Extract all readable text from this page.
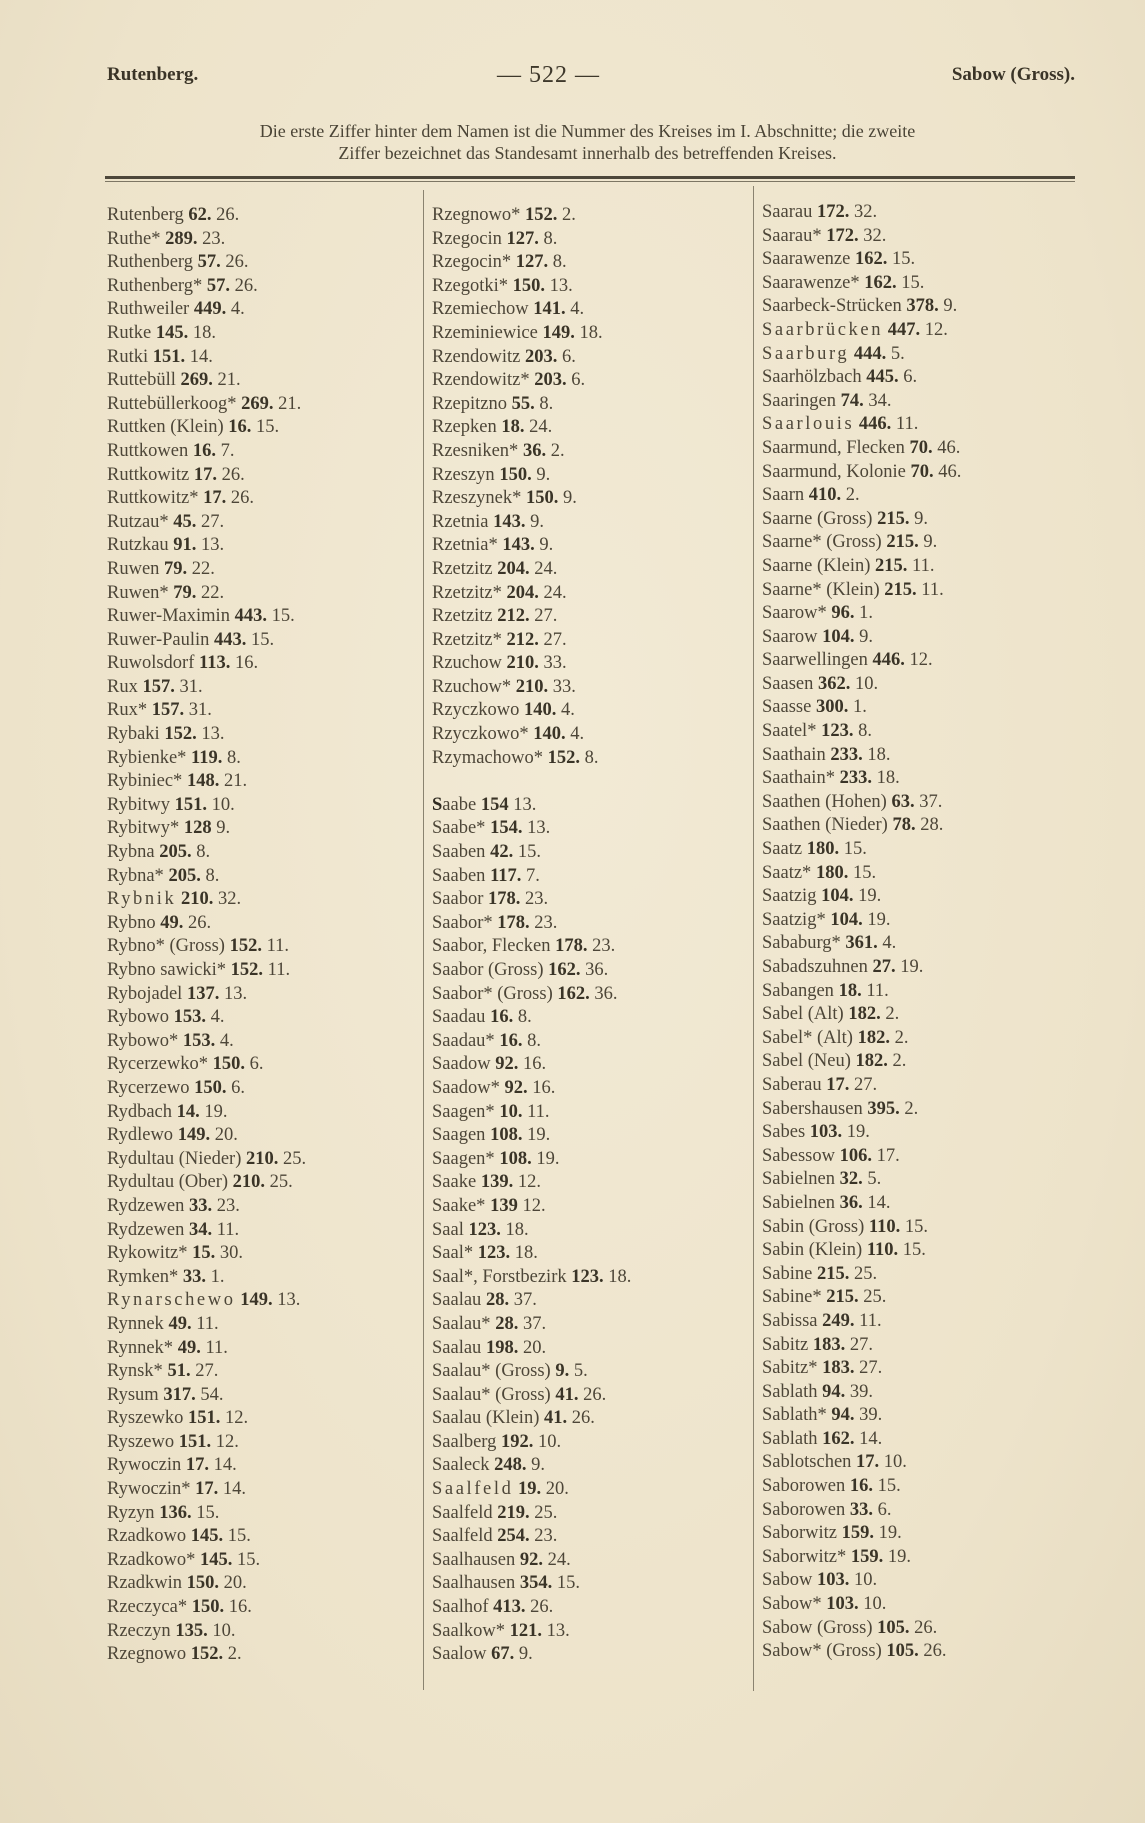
Rutenberg.	— 522 —	Sabow (Gross).
Die erste Ziffer hinter dem Namen ist die Nummer des Kreises im I. Abschnitte; die zweite
Ziffer bezeichnet das Standesamt innerhalb des betreffenden Kreises.
Rutenberg 62. 26.
Ruthe* 289. 23.
Ruthenberg 57. 26.
Ruthenberg* 57. 26.
Ruthweiler 449. 4.
Rutke 145. 18.
Rutki 151. 14.
Ruttebüll 269. 21.
Ruttebüllerkoog* 269. 21.
Ruttken (Klein) 16. 15.
Ruttkowen 16. 7.
Ruttkowitz 17. 26.
Ruttkowitz* 17. 26.
Rutzau* 45. 27.
Rutzkau 91. 13.
Ruwen 79. 22.
Ruwen* 79. 22.
Ruwer-Maximin 443. 15.
Ruwer-Paulin 443. 15.
Ruwolsdorf 113. 16.
Rux 157. 31.
Rux* 157. 31.
Rybaki 152. 13.
Rybienke* 119. 8.
Rybiniec* 148. 21.
Rybitwy 151. 10.
Rybitwy* 128 9.
Rybna 205. 8.
Rybna* 205. 8.
Rybnik 210. 32.
Rybno 49. 26.
Rybno* (Gross) 152. 11.
Rybno sawicki* 152. 11.
Rybojadel 137. 13.
Rybowo 153. 4.
Rybowo* 153. 4.
Rycerzewko* 150. 6.
Rycerzewo 150. 6.
Rydbach 14. 19.
Rydlewo 149. 20.
Rydultau (Nieder) 210. 25.
Rydultau (Ober) 210. 25.
Rydzewen 33. 23.
Rydzewen 34. 11.
Rykowitz* 15. 30.
Rymken* 33. 1.
Rynarschewo 149. 13.
Rynnek 49. 11.
Rynnek* 49. 11.
Rynsk* 51. 27.
Rysum 317. 54.
Ryszewko 151. 12.
Ryszewo 151. 12.
Rywoczin 17. 14.
Rywoczin* 17. 14.
Ryzyn 136. 15.
Rzadkowo 145. 15.
Rzadkowo* 145. 15.
Rzadkwin 150. 20.
Rzeczyca* 150. 16.
Rzeczyn 135. 10.
Rzegnowo 152. 2.
Rzegnowo* 152. 2.
Rzegocin 127. 8.
Rzegocin* 127. 8.
Rzegotki* 150. 13.
Rzemiechow 141. 4.
Rzeminiewice 149. 18.
Rzendowitz 203. 6.
Rzendowitz* 203. 6.
Rzepitzno 55. 8.
Rzepken 18. 24.
Rzesniken* 36. 2.
Rzeszyn 150. 9.
Rzeszynek* 150. 9.
Rzetnia 143. 9.
Rzetnia* 143. 9.
Rzetzitz 204. 24.
Rzetzitz* 204. 24.
Rzetzitz 212. 27.
Rzetzitz* 212. 27.
Rzuchow 210. 33.
Rzuchow* 210. 33.
Rzyczkowo 140. 4.
Rzyczkowo* 140. 4.
Rzymachowo* 152. 8.
Saabe 154 13.
Saabe* 154. 13.
Saaben 42. 15.
Saaben 117. 7.
Saabor 178. 23.
Saabor* 178. 23.
Saabor, Flecken 178. 23.
Saabor (Gross) 162. 36.
Saabor* (Gross) 162. 36.
Saadau 16. 8.
Saadau* 16. 8.
Saadow 92. 16.
Saadow* 92. 16.
Saagen* 10. 11.
Saagen 108. 19.
Saagen* 108. 19.
Saake 139. 12.
Saake* 139 12.
Saal 123. 18.
Saal* 123. 18.
Saal*, Forstbezirk 123. 18.
Saalau 28. 37.
Saalau* 28. 37.
Saalau 198. 20.
Saalau* (Gross) 9. 5.
Saalau* (Gross) 41. 26.
Saalau (Klein) 41. 26.
Saalberg 192. 10.
Saaleck 248. 9.
Saalfeld 19. 20.
Saalfeld 219. 25.
Saalfeld 254. 23.
Saalhausen 92. 24.
Saalhausen 354. 15.
Saalhof 413. 26.
Saalkow* 121. 13.
Saalow 67. 9.
Saarau 172. 32.
Saarau* 172. 32.
Saarawenze 162. 15.
Saarawenze* 162. 15.
Saarbeck-Strücken 378. 9.
Saarbrücken 447. 12.
Saarburg 444. 5.
Saarhölzbach 445. 6.
Saaringen 74. 34.
Saarlouis 446. 11.
Saarmund, Flecken 70. 46.
Saarmund, Kolonie 70. 46.
Saarn 410. 2.
Saarne (Gross) 215. 9.
Saarne* (Gross) 215. 9.
Saarne (Klein) 215. 11.
Saarne* (Klein) 215. 11.
Saarow* 96. 1.
Saarow 104. 9.
Saarwellingen 446. 12.
Saasen 362. 10.
Saasse 300. 1.
Saatel* 123. 8.
Saathain 233. 18.
Saathain* 233. 18.
Saathen (Hohen) 63. 37.
Saathen (Nieder) 78. 28.
Saatz 180. 15.
Saatz* 180. 15.
Saatzig 104. 19.
Saatzig* 104. 19.
Sababurg* 361. 4.
Sabadszuhnen 27. 19.
Sabangen 18. 11.
Sabel (Alt) 182. 2.
Sabel* (Alt) 182. 2.
Sabel (Neu) 182. 2.
Saberau 17. 27.
Sabershausen 395. 2.
Sabes 103. 19.
Sabessow 106. 17.
Sabielnen 32. 5.
Sabielnen 36. 14.
Sabin (Gross) 110. 15.
Sabin (Klein) 110. 15.
Sabine 215. 25.
Sabine* 215. 25.
Sabissa 249. 11.
Sabitz 183. 27.
Sabitz* 183. 27.
Sablath 94. 39.
Sablath* 94. 39.
Sablath 162. 14.
Sablotschen 17. 10.
Saborowen 16. 15.
Saborowen 33. 6.
Saborwitz 159. 19.
Saborwitz* 159. 19.
Sabow 103. 10.
Sabow* 103. 10.
Sabow (Gross) 105. 26.
Sabow* (Gross) 105. 26.
